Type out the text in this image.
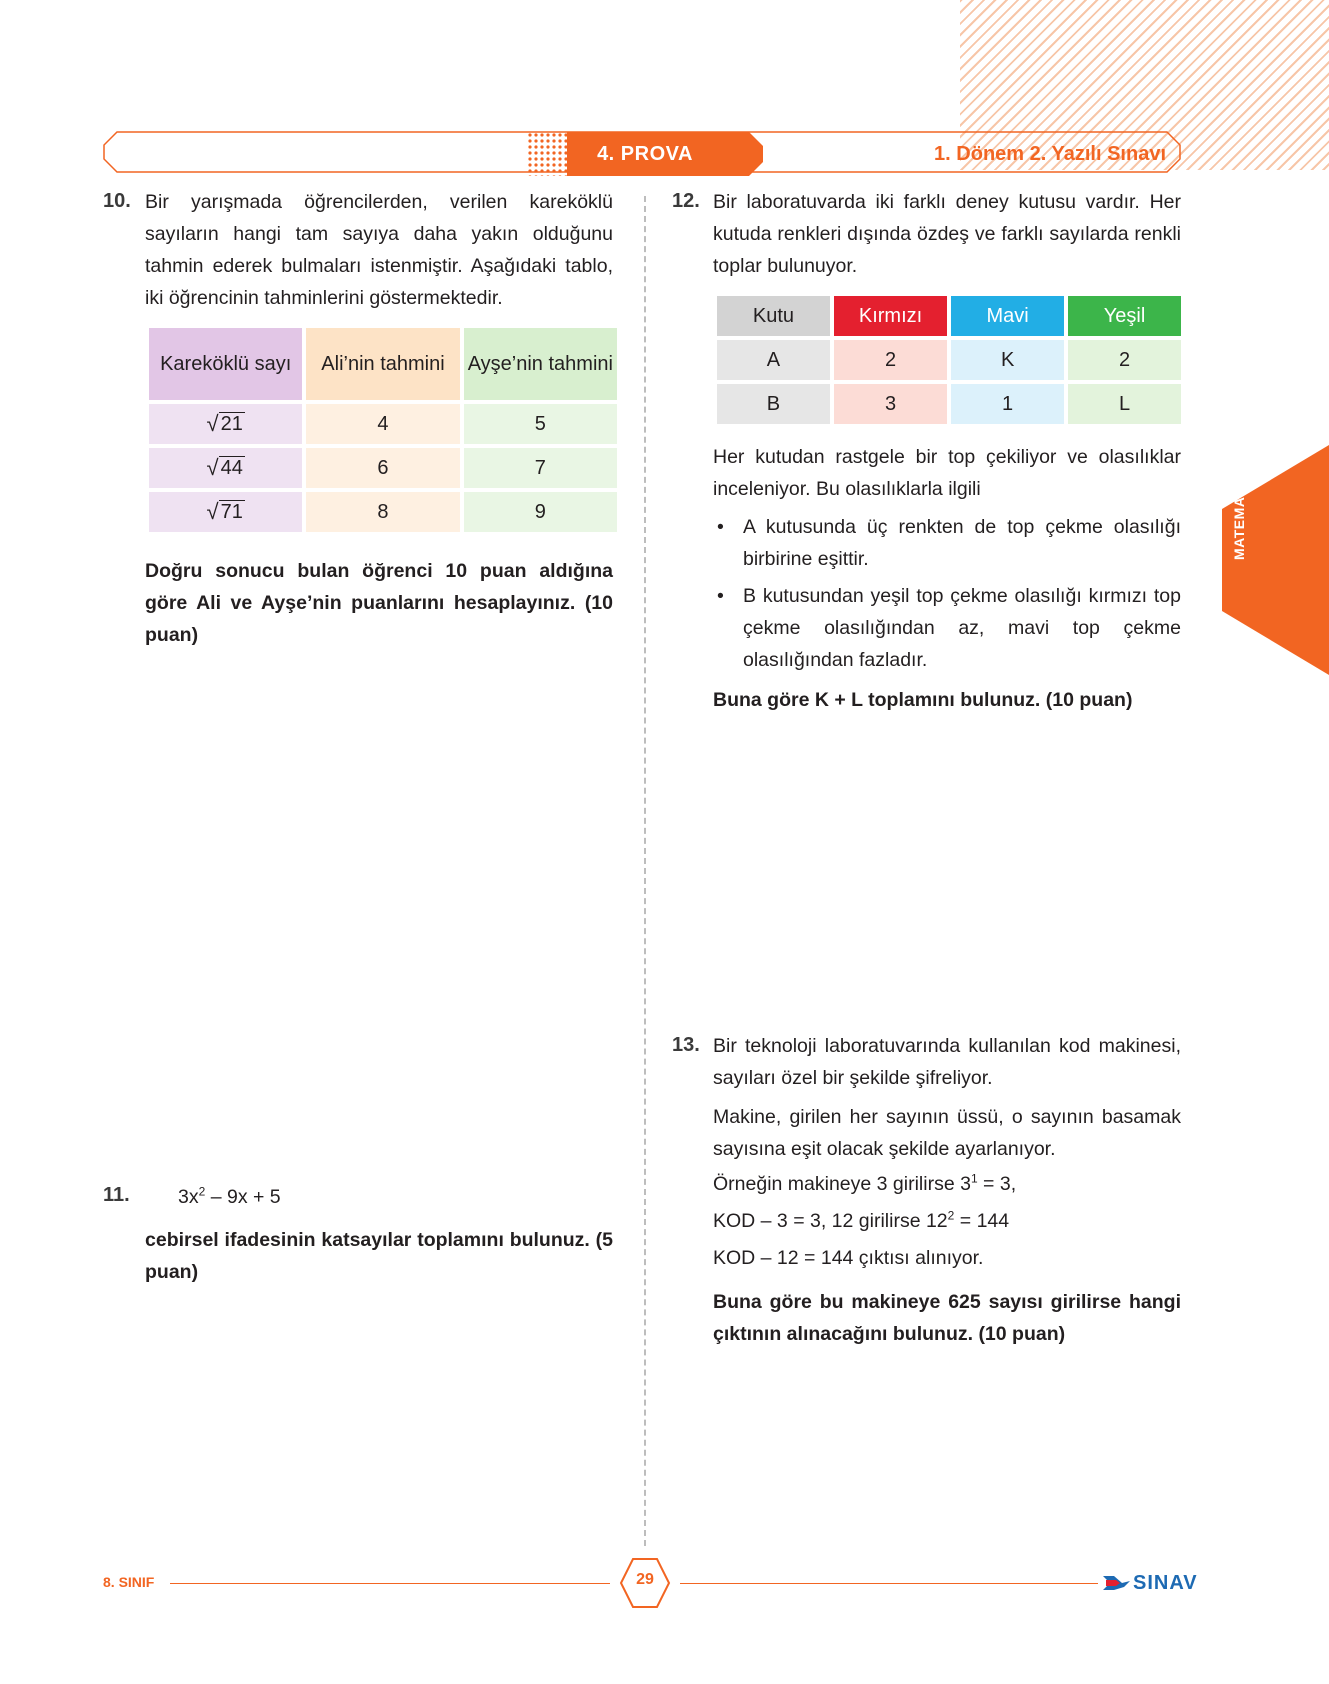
4. PROVA	1. Dönem 2. Yazılı Sınavı
10. Bir yarışmada öğrencilerden, verilen kareköklü sayıların hangi tam sayıya daha yakın olduğunu tahmin ederek bulmaları istenmiştir. Aşağıdaki tablo, iki öğrencinin tahminlerini göstermektedir.
Kareköklü sayı	Ali’nin tahmini	Ayşe’nin tahmini

√ 21	4	5

√ 44	6	7

√ 71	8	9
Doğru sonucu bulan öğrenci 10 puan aldığına göre Ali ve Ayşe’nin puanlarını hesaplayınız. (10 puan)
11. $3x^2 - 9x + 5$
cebirsel ifadesinin katsayılar toplamını bulunuz. (5 puan)
12. Bir laboratuvarda iki farklı deney kutusu vardır. Her kutuda renkleri dışında özdeş ve farklı sayılarda renkli toplar bulunuyor.
Kutu	Kırmızı	Mavi	Yeşil
A	2	K	2
B	3	1	L
Her kutudan rastgele bir top çekiliyor ve olasılıklar inceleniyor. Bu olasılıklarla ilgili
• A kutusunda üç renkten de top çekme olasılığı birbirine eşittir.
• B kutusundan yeşil top çekme olasılığı kırmızı top çekme olasılığından az, mavi top çekme olasılığından fazladır.
Buna göre K + L toplamını bulunuz. (10 puan)
13. Bir teknoloji laboratuvarında kullanılan kod makinesi, sayıları özel bir şekilde şifreliyor.
Makine, girilen her sayının üssü, o sayının basamak sayısına eşit olacak şekilde ayarlanıyor.
Örneğin makineye 3 girilirse $3^1 = 3$,
KOD – 3 = 3, 12 girilirse $12^2 = 144$
KOD – 12 = 144 çıktısı alınıyor.
Buna göre bu makineye 625 sayısı girilirse hangi çıktının alınacağını bulunuz. (10 puan)
MATEMATİK
8. SINIF	29	SINAV
